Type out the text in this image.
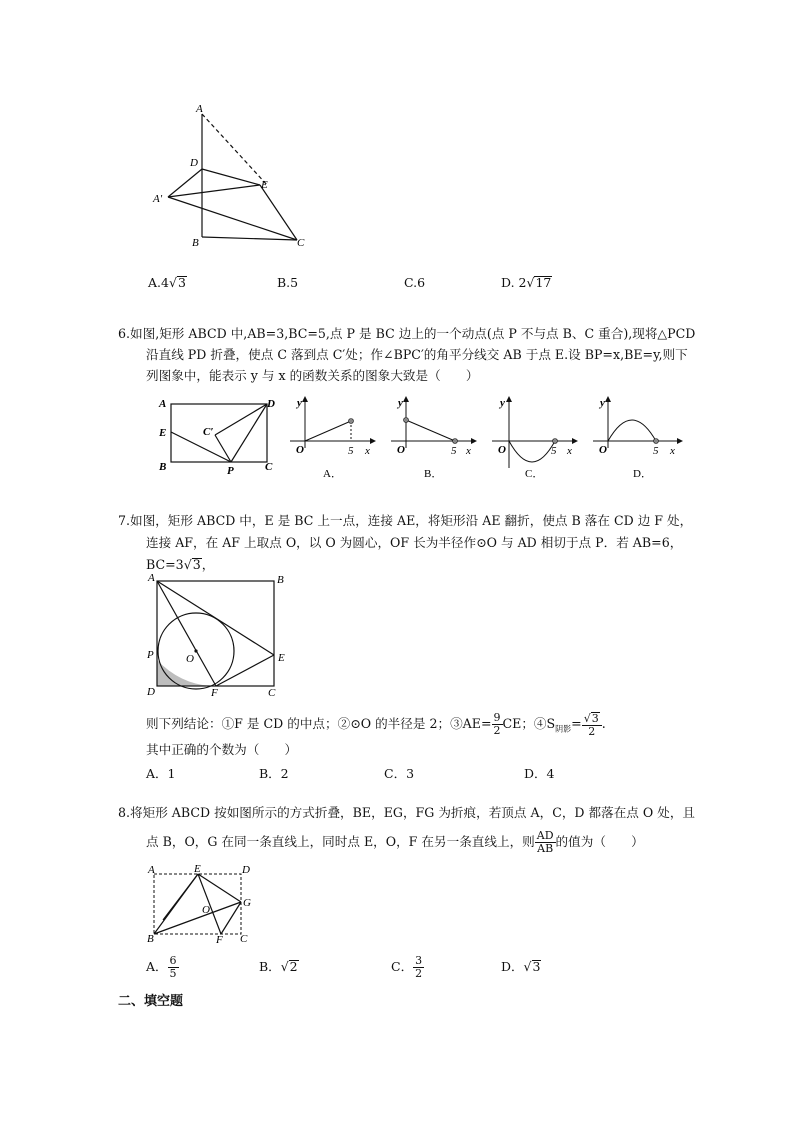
A
D
E
A′
B	C
A.4√3	B.5	C.6	D. 2√17
6.如图,矩形 ABCD 中,AB=3,BC=5,点 P 是 BC 边上的一个动点(点 P 不与点 B、C 重合),现将△PCD
沿直线 PD 折叠，使点 C 落到点 C′处；作∠BPC′的角平分线交 AB 于点 E.设 BP=x,BE=y,则下
列图象中，能表示 y 与 x 的函数关系的图象大致是（　　）
A	D
E	C′
B	P	C
y
O	5 x
A．
y
O	5 x
B．
y
O	5 x
C．
y
O	5 x
D．
7.如图，矩形 ABCD 中，E 是 BC 上一点，连接 AE，将矩形沿 AE 翻折，使点 B 落在 CD 边 F 处，
连接 AF，在 AF 上取点 O，以 O 为圆心，OF 长为半径作⊙O 与 AD 相切于点 P．若 AB=6，
BC=3√3，
A	B
P	O	E
D	F	C
则下列结论：①F 是 CD 的中点；②⊙O 的半径是 2；③AE= $\frac{9}{2}$ CE；$④S_{阴影}= \frac{√3}{2}$ .
其中正确的个数为（　　）
A．1	B．2	C．3	D．4
8.将矩形 ABCD 按如图所示的方式折叠，BE，EG，FG 为折痕，若顶点 A，C，D 都落在点 O 处，且
点 B，O，G 在同一条直线上，同时点 E，O，F 在另一条直线上，则 $\frac{AD}{AB}$ 的值为（　　）
A	E	D
O
G
B	F C
A． $\frac{6}{5}$	B．√2	C． $\frac{3}{2}$	D．√3
二、填空题
